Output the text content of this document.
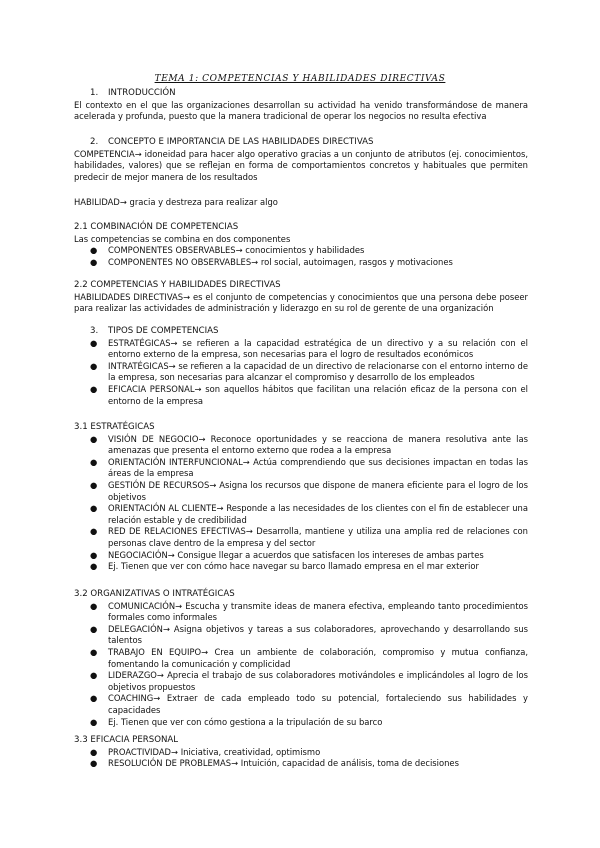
TEMA 1: COMPETENCIAS Y HABILIDADES DIRECTIVAS
1. INTRODUCCIÓN
El contexto en el que las organizaciones desarrollan su actividad ha venido transformándose de manera acelerada y profunda, puesto que la manera tradicional de operar los negocios no resulta efectiva
2. CONCEPTO E IMPORTANCIA DE LAS HABILIDADES DIRECTIVAS
COMPETENCIA→ idoneidad para hacer algo operativo gracias a un conjunto de atributos (ej. conocimientos, habilidades, valores) que se reflejan en forma de comportamientos concretos y habituales que permiten predecir de mejor manera de los resultados
HABILIDAD→ gracia y destreza para realizar algo
2.1 COMBINACIÓN DE COMPETENCIAS
Las competencias se combina en dos componentes
● COMPONENTES OBSERVABLES→ conocimientos y habilidades
● COMPONENTES NO OBSERVABLES→ rol social, autoimagen, rasgos y motivaciones
2.2 COMPETENCIAS Y HABILIDADES DIRECTIVAS
HABILIDADES DIRECTIVAS→ es el conjunto de competencias y conocimientos que una persona debe poseer para realizar las actividades de administración y liderazgo en su rol de gerente de una organización
3. TIPOS DE COMPETENCIAS
● ESTRATÉGICAS→ se refieren a la capacidad estratégica de un directivo y a su relación con el entorno externo de la empresa, son necesarias para el logro de resultados económicos
● INTRATÉGICAS→ se refieren a la capacidad de un directivo de relacionarse con el entorno interno de la empresa, son necesarias para alcanzar el compromiso y desarrollo de los empleados
● EFICACIA PERSONAL→ son aquellos hábitos que facilitan una relación eficaz de la persona con el entorno de la empresa
3.1 ESTRATÉGICAS
● VISIÓN DE NEGOCIO→ Reconoce oportunidades y se reacciona de manera resolutiva ante las amenazas que presenta el entorno externo que rodea a la empresa
● ORIENTACIÓN INTERFUNCIONAL→ Actúa comprendiendo que sus decisiones impactan en todas las áreas de la empresa
● GESTIÓN DE RECURSOS→ Asigna los recursos que dispone de manera eficiente para el logro de los objetivos
● ORIENTACIÓN AL CLIENTE→ Responde a las necesidades de los clientes con el fin de establecer una relación estable y de credibilidad
● RED DE RELACIONES EFECTIVAS→ Desarrolla, mantiene y utiliza una amplia red de relaciones con personas clave dentro de la empresa y del sector
● NEGOCIACIÓN→ Consigue llegar a acuerdos que satisfacen los intereses de ambas partes
● Ej. Tienen que ver con cómo hace navegar su barco llamado empresa en el mar exterior
3.2 ORGANIZATIVAS O INTRATÉGICAS
● COMUNICACIÓN→ Escucha y transmite ideas de manera efectiva, empleando tanto procedimientos formales como informales
● DELEGACIÓN→ Asigna objetivos y tareas a sus colaboradores, aprovechando y desarrollando sus talentos
● TRABAJO EN EQUIPO→ Crea un ambiente de colaboración, compromiso y mutua confianza, fomentando la comunicación y complicidad
● LIDERAZGO→ Aprecia el trabajo de sus colaboradores motivándoles e implicándoles al logro de los objetivos propuestos
● COACHING→ Extraer de cada empleado todo su potencial, fortaleciendo sus habilidades y capacidades
● Ej. Tienen que ver con cómo gestiona a la tripulación de su barco
3.3 EFICACIA PERSONAL
● PROACTIVIDAD→ Iniciativa, creatividad, optimismo
● RESOLUCIÓN DE PROBLEMAS→ Intuición, capacidad de análisis, toma de decisiones
